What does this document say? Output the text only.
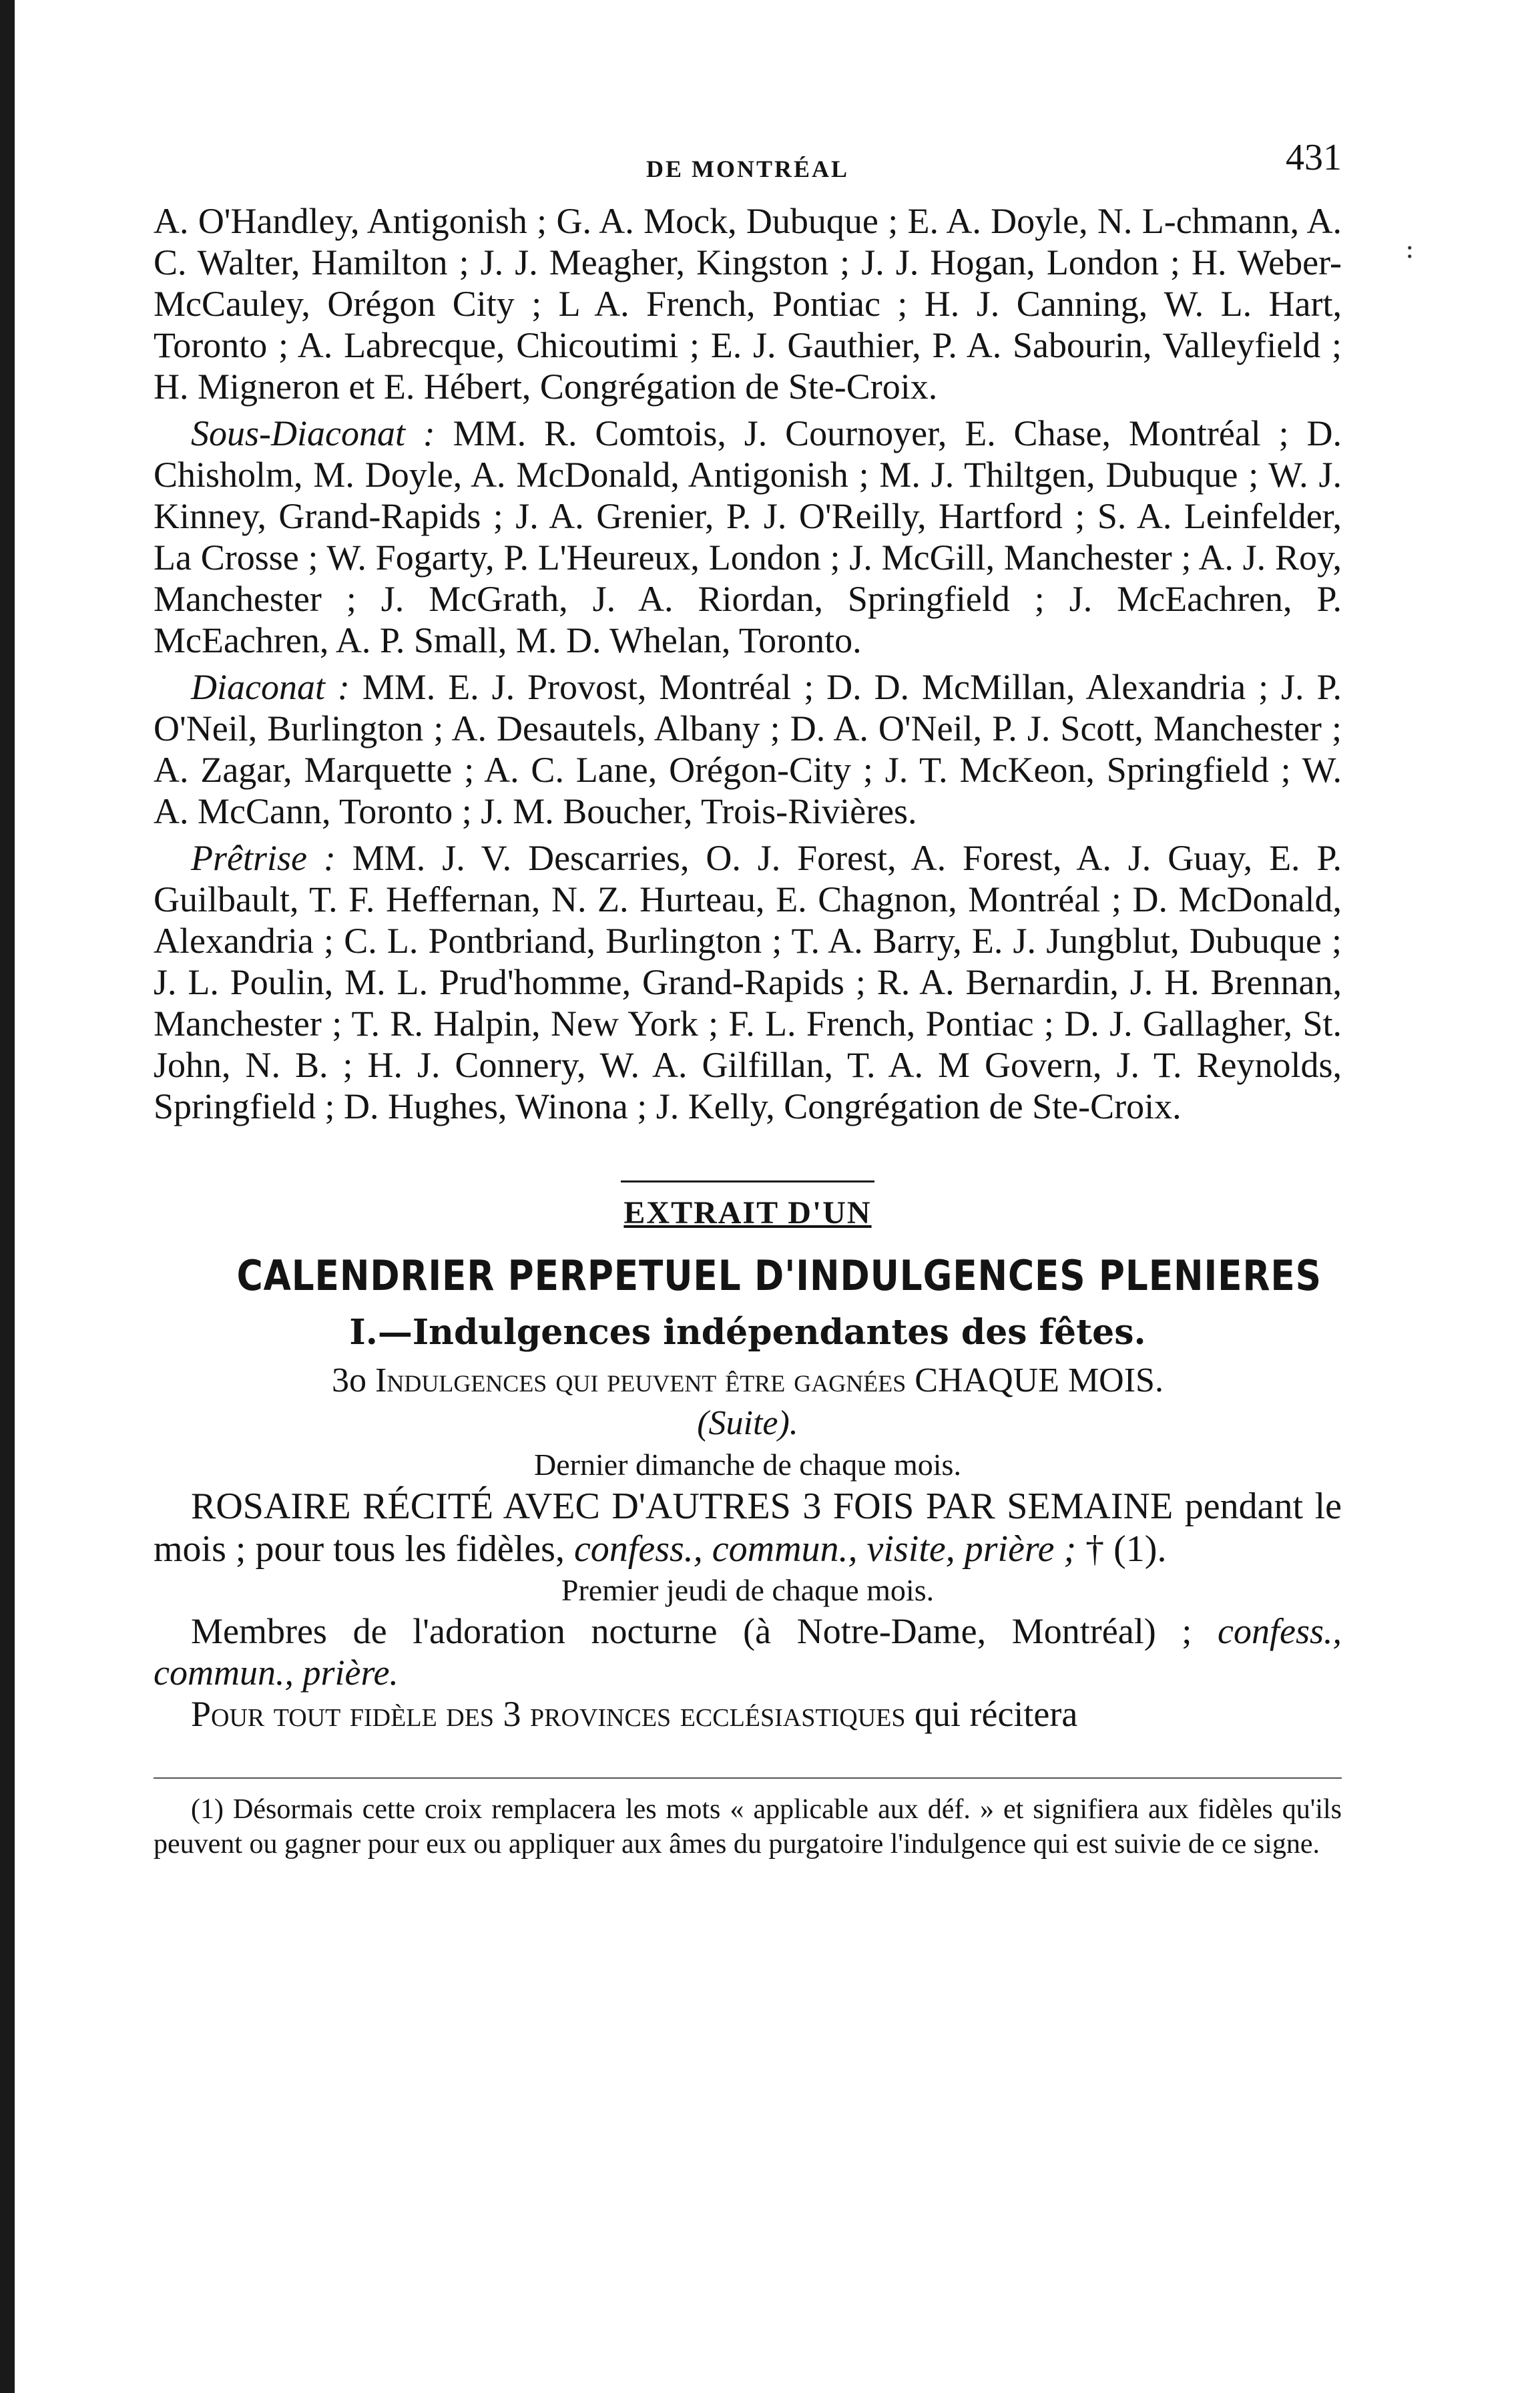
DE MONTRÉAL	431
:

A. O'Handley, Antigonish ; G. A. Mock, Dubuque ; E. A. Doyle, N. L-chmann, A. C. Walter, Hamilton ; J. J. Meagher, Kingston ; J. J. Hogan, London ; H. Weber-McCauley, Orégon City ; L A. French, Pontiac ; H. J. Canning, W. L. Hart, Toronto ; A. Labrecque, Chicoutimi ; E. J. Gauthier, P. A. Sabourin, Valleyfield ; H. Migneron et E. Hébert, Congrégation de Ste-Croix.

Sous-Diaconat : MM. R. Comtois, J. Cournoyer, E. Chase, Montréal ; D. Chisholm, M. Doyle, A. McDonald, Antigonish ; M. J. Thiltgen, Dubuque ; W. J. Kinney, Grand-Rapids ; J. A. Grenier, P. J. O'Reilly, Hartford ; S. A. Leinfelder, La Crosse ; W. Fogarty, P. L'Heureux, London ; J. McGill, Manchester ; A. J. Roy, Manchester ; J. McGrath, J. A. Riordan, Springfield ; J. McEachren, P. McEachren, A. P. Small, M. D. Whelan, Toronto.

Diaconat : MM. E. J. Provost, Montréal ; D. D. McMillan, Alexandria ; J. P. O'Neil, Burlington ; A. Desautels, Albany ; D. A. O'Neil, P. J. Scott, Manchester ; A. Zagar, Marquette ; A. C. Lane, Orégon-City ; J. T. McKeon, Springfield ; W. A. McCann, Toronto ; J. M. Boucher, Trois-Rivières.

Prêtrise : MM. J. V. Descarries, O. J. Forest, A. Forest, A. J. Guay, E. P. Guilbault, T. F. Heffernan, N. Z. Hurteau, E. Chagnon, Montréal ; D. McDonald, Alexandria ; C. L. Pontbriand, Burlington ; T. A. Barry, E. J. Jungblut, Dubuque ; J. L. Poulin, M. L. Prud'homme, Grand-Rapids ; R. A. Bernardin, J. H. Brennan, Manchester ; T. R. Halpin, New York ; F. L. French, Pontiac ; D. J. Gallagher, St. John, N. B. ; H. J. Connery, W. A. Gilfillan, T. A. M Govern, J. T. Reynolds, Springfield ; D. Hughes, Winona ; J. Kelly, Congrégation de Ste-Croix.

EXTRAIT D'UN
CALENDRIER PERPETUEL D'INDULGENCES PLENIERES
I.—Indulgences indépendantes des fêtes.

3o Indulgences qui peuvent être gagnées CHAQUE MOIS.

(Suite).

Dernier dimanche de chaque mois.

ROSAIRE RÉCITÉ AVEC D'AUTRES 3 FOIS PAR SEMAINE pendant le mois ; pour tous les fidèles, confess., commun., visite, prière ; † (1).

Premier jeudi de chaque mois.

Membres de l'adoration nocturne (à Notre-Dame, Montréal) ; confess., commun., prière.

Pour tout fidèle des 3 provinces ecclésiastiques qui récitera

(1) Désormais cette croix remplacera les mots « applicable aux déf. » et signifiera aux fidèles qu'ils peuvent ou gagner pour eux ou appliquer aux âmes du purgatoire l'indulgence qui est suivie de ce signe.
